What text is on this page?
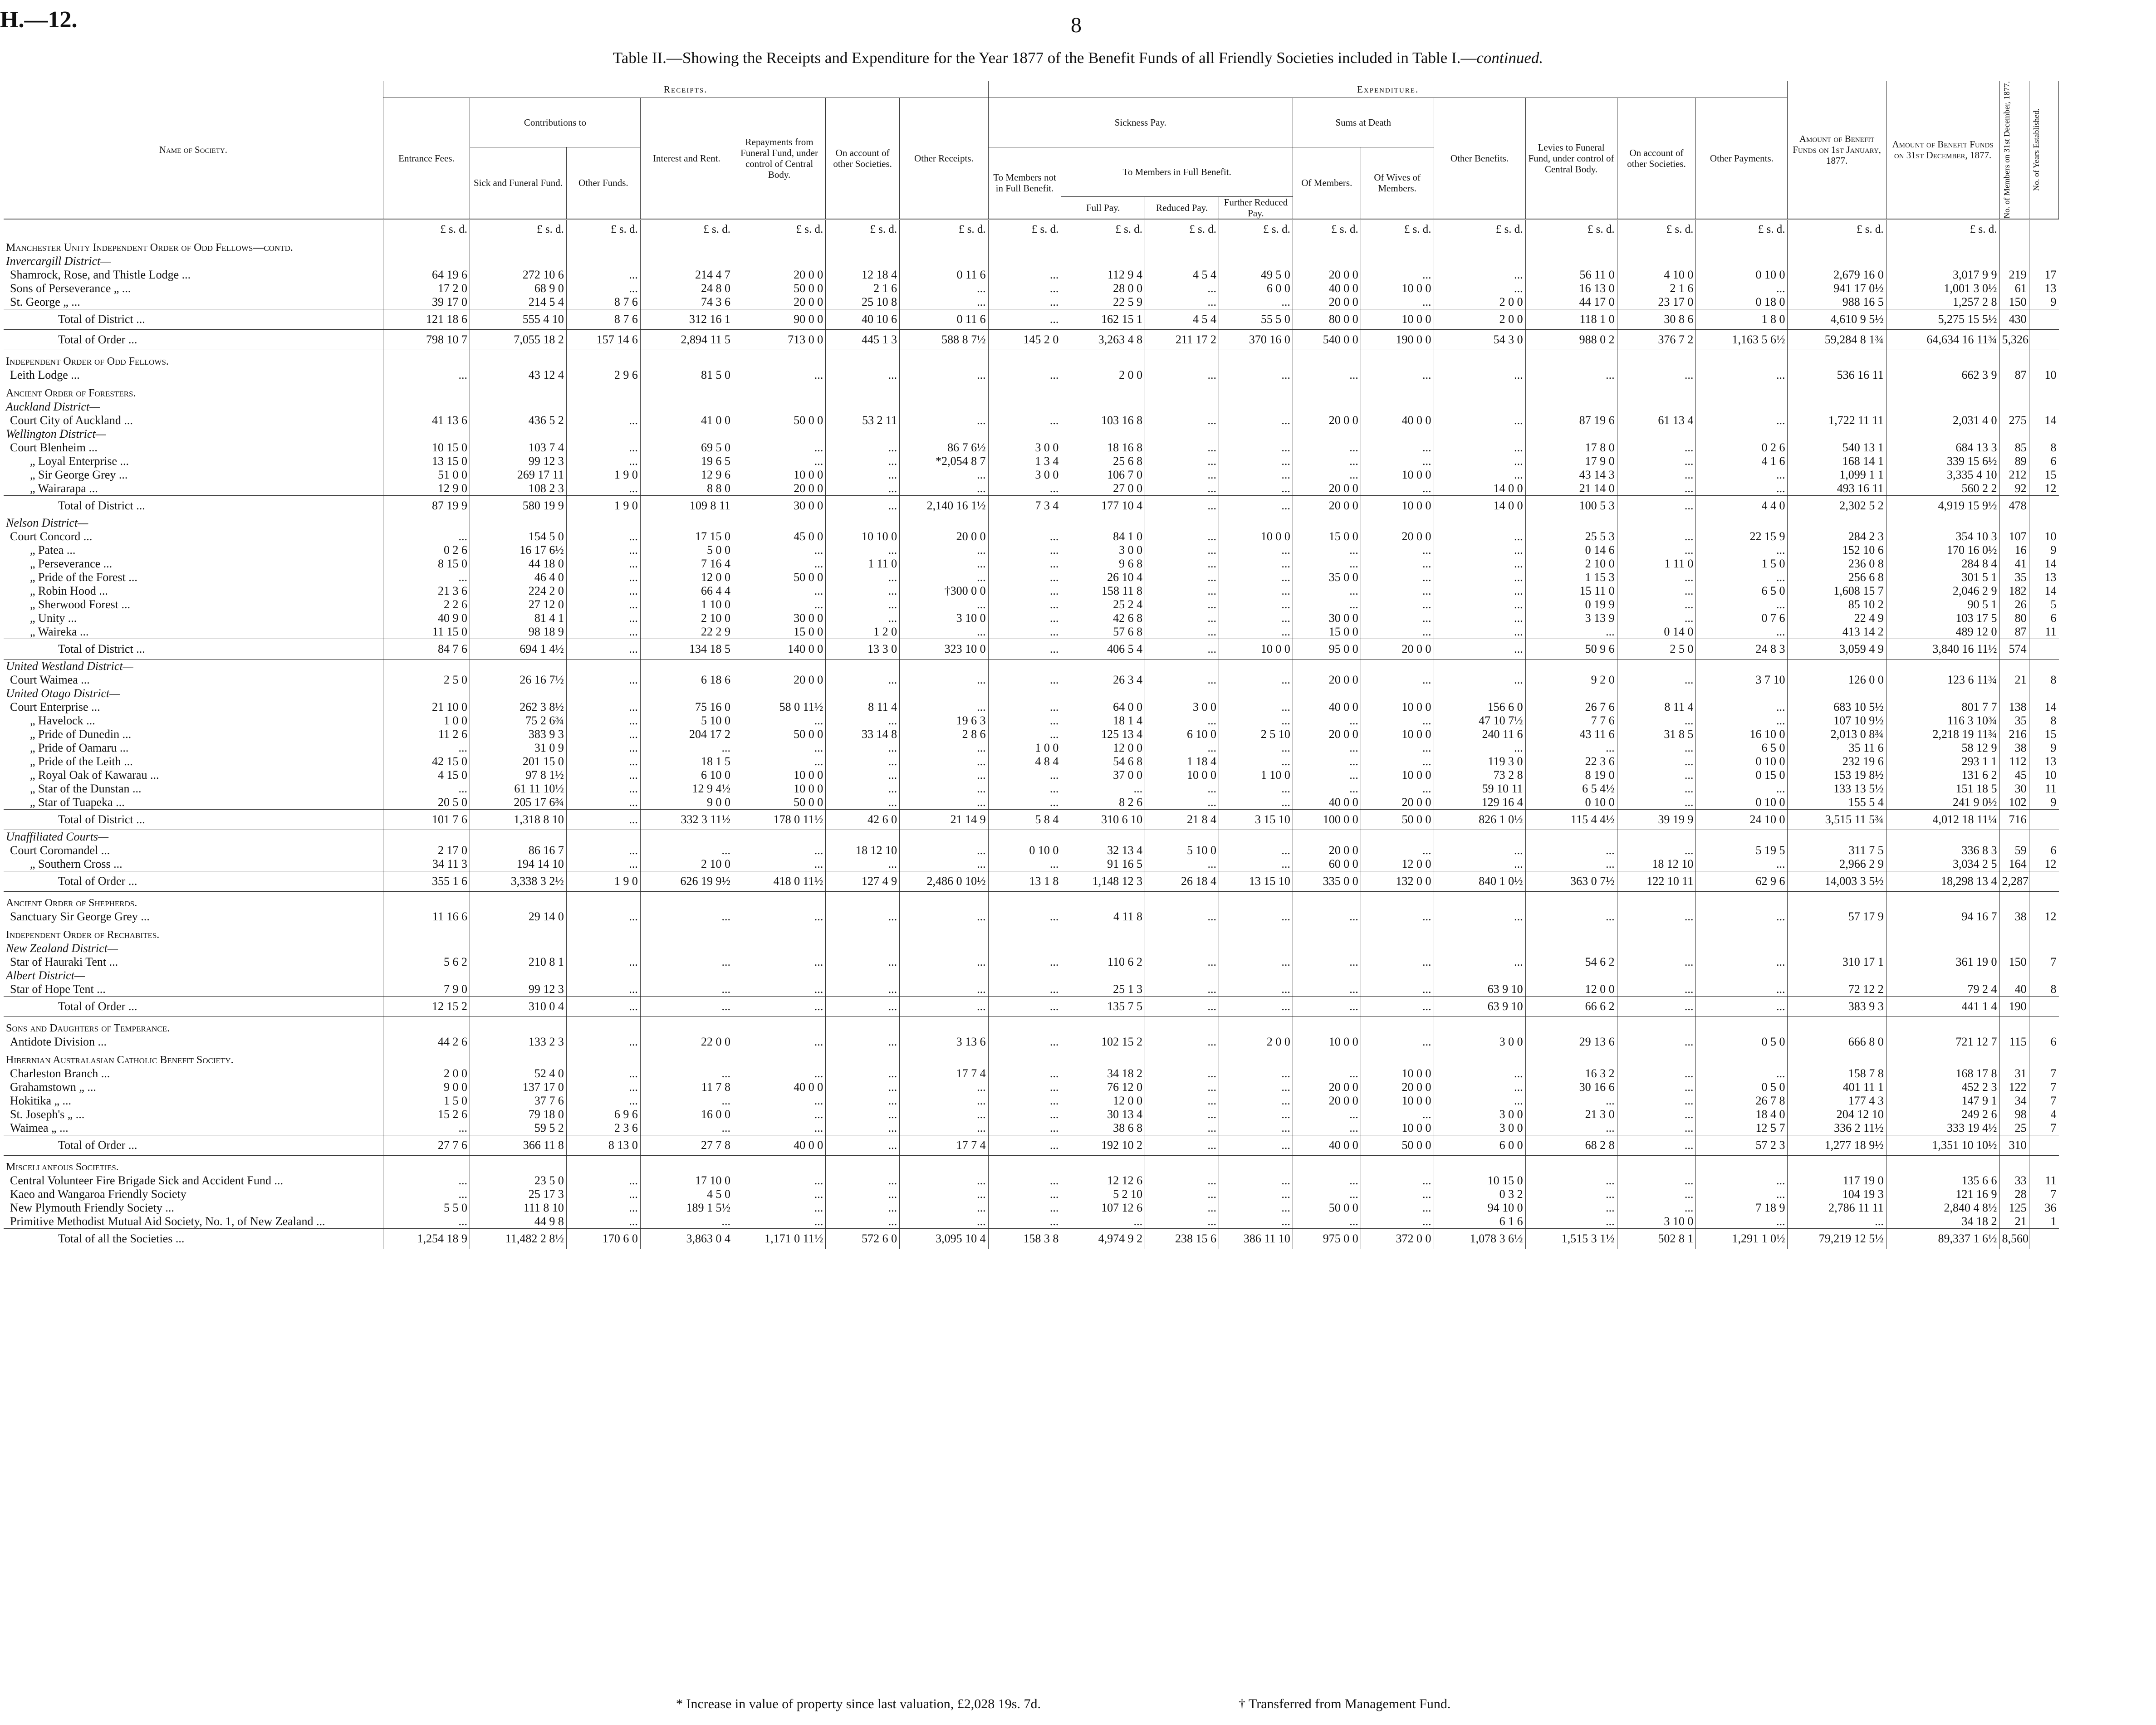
H.—12.	8
Table II.—Showing the Receipts and Expenditure for the Year 1877 of the Benefit Funds of all Friendly Societies included in Table I.—continued.
Name of Society.	Receipts.							Expenditure.										Amount of Benefit Funds on 1st January, 1877.	Amount of Benefit Funds on 31st December, 1877.	No. of Members on 31st December, 1877.	No. of Years Established.

	Entrance Fees.	Contributions to		Interest and Rent.	Repayments from Funeral Fund, under control of Central Body.	On account of other Societies.	Other Receipts.	Sickness Pay.				Sums at Death		Other Benefits.	Levies to Funeral Fund, under control of Central Body.	On account of other Societies.	Other Payments.				
		Sick and Funeral Fund.	Other Funds.					To Members not in Full Benefit.	To Members in Full Benefit.			Of Members.	Of Wives of Members.								
									Full Pay.	Reduced Pay.	Further Reduced Pay.										
	£ s. d.	£ s. d.	£ s. d.	£ s. d.	£ s. d.	£ s. d.	£ s. d.	£ s. d.	£ s. d.	£ s. d.	£ s. d.	£ s. d.	£ s. d.	£ s. d.	£ s. d.	£ s. d.	£ s. d.	£ s. d.	£ s. d.		
Manchester Unity Independent Order of Odd Fellows—contd.																					
Invercargill District—																					
Shamrock, Rose, and Thistle Lodge ...	64 19 6	272 10 6	...	214 4 7	20 0 0	12 18 4	0 11 6	...	112 9 4	4 5 4	49 5 0	20 0 0	...	...	56 11 0	4 10 0	0 10 0	2,679 16 0	3,017 9 9	219	17
Sons of Perseverance „ ...	17 2 0	68 9 0	...	24 8 0	50 0 0	2 1 6	...	...	28 0 0	...	6 0 0	40 0 0	10 0 0	...	16 13 0	2 1 6	...	941 17 0½	1,001 3 0½	61	13
St. George „ ...	39 17 0	214 5 4	8 7 6	74 3 6	20 0 0	25 10 8	...	...	22 5 9	...	...	20 0 0	...	2 0 0	44 17 0	23 17 0	0 18 0	988 16 5	1,257 2 8	150	9
Total of District ...	121 18 6	555 4 10	8 7 6	312 16 1	90 0 0	40 10 6	0 11 6	...	162 15 1	4 5 4	55 5 0	80 0 0	10 0 0	2 0 0	118 1 0	30 8 6	1 8 0	4,610 9 5½	5,275 15 5½	430	
Total of Order ...	798 10 7	7,055 18 2	157 14 6	2,894 11 5	713 0 0	445 1 3	588 8 7½	145 2 0	3,263 4 8	211 17 2	370 16 0	540 0 0	190 0 0	54 3 0	988 0 2	376 7 2	1,163 5 6½	59,284 8 1¾	64,634 16 11¾	5,326	
Independent Order of Odd Fellows.																					
Leith Lodge ...	...	43 12 4	2 9 6	81 5 0	...	...	...	...	2 0 0	...	...	...	...	...	...	...	...	536 16 11	662 3 9	87	10
Ancient Order of Foresters.																					
Auckland District—																					
Court City of Auckland ...	41 13 6	436 5 2	...	41 0 0	50 0 0	53 2 11	...	...	103 16 8	...	...	20 0 0	40 0 0	...	87 19 6	61 13 4	...	1,722 11 11	2,031 4 0	275	14
Wellington District—																					
Court Blenheim ...	10 15 0	103 7 4	...	69 5 0	...	...	86 7 6½	3 0 0	18 16 8	...	...	...	...	...	17 8 0	...	0 2 6	540 13 1	684 13 3	85	8
„ Loyal Enterprise ...	13 15 0	99 12 3	...	19 6 5	...	...	*2,054 8 7	1 3 4	25 6 8	...	...	...	...	...	17 9 0	...	4 1 6	168 14 1	339 15 6½	89	6
„ Sir George Grey ...	51 0 0	269 17 11	1 9 0	12 9 6	10 0 0	...	...	3 0 0	106 7 0	...	...	...	10 0 0	...	43 14 3	...	...	1,099 1 1	3,335 4 10	212	15
„ Wairarapa ...	12 9 0	108 2 3	...	8 8 0	20 0 0	...	...	...	27 0 0	...	...	20 0 0	...	14 0 0	21 14 0	...	...	493 16 11	560 2 2	92	12
Total of District ...	87 19 9	580 19 9	1 9 0	109 8 11	30 0 0	...	2,140 16 1½	7 3 4	177 10 4	...	...	20 0 0	10 0 0	14 0 0	100 5 3	...	4 4 0	2,302 5 2	4,919 15 9½	478	
Nelson District—																					
Court Concord ...	...	154 5 0	...	17 15 0	45 0 0	10 10 0	20 0 0	...	84 1 0	...	10 0 0	15 0 0	20 0 0	...	25 5 3	...	22 15 9	284 2 3	354 10 3	107	10
„ Patea ...	0 2 6	16 17 6½	...	5 0 0	...	...	...	...	3 0 0	...	...	...	...	...	0 14 6	...	...	152 10 6	170 16 0½	16	9
„ Perseverance ...	8 15 0	44 18 0	...	7 16 4	...	1 11 0	...	...	9 6 8	...	...	...	...	...	2 10 0	1 11 0	1 5 0	236 0 8	284 8 4	41	14
„ Pride of the Forest ...	...	46 4 0	...	12 0 0	50 0 0	...	...	...	26 10 4	...	...	35 0 0	...	...	1 15 3	...	...	256 6 8	301 5 1	35	13
„ Robin Hood ...	21 3 6	224 2 0	...	66 4 4	...	...	†300 0 0	...	158 11 8	...	...	...	...	...	15 11 0	...	6 5 0	1,608 15 7	2,046 2 9	182	14
„ Sherwood Forest ...	2 2 6	27 12 0	...	1 10 0	...	...	...	...	25 2 4	...	...	...	...	...	0 19 9	...	...	85 10 2	90 5 1	26	5
„ Unity ...	40 9 0	81 4 1	...	2 10 0	30 0 0	...	3 10 0	...	42 6 8	...	...	30 0 0	...	...	3 13 9	...	0 7 6	22 4 9	103 17 5	80	6
„ Waireka ...	11 15 0	98 18 9	...	22 2 9	15 0 0	1 2 0	...	...	57 6 8	...	...	15 0 0	...	...	...	0 14 0	...	413 14 2	489 12 0	87	11
Total of District ...	84 7 6	694 1 4½	...	134 18 5	140 0 0	13 3 0	323 10 0	...	406 5 4	...	10 0 0	95 0 0	20 0 0	...	50 9 6	2 5 0	24 8 3	3,059 4 9	3,840 16 11½	574	
United Westland District—																					
Court Waimea ...	2 5 0	26 16 7½	...	6 18 6	20 0 0	...	...	...	26 3 4	...	...	20 0 0	...	...	9 2 0	...	3 7 10	126 0 0	123 6 11¾	21	8
United Otago District—																					
Court Enterprise ...	21 10 0	262 3 8½	...	75 16 0	58 0 11½	8 11 4	...	...	64 0 0	3 0 0	...	40 0 0	10 0 0	156 6 0	26 7 6	8 11 4	...	683 10 5½	801 7 7	138	14
„ Havelock ...	1 0 0	75 2 6¾	...	5 10 0	...	...	19 6 3	...	18 1 4	...	...	...	...	47 10 7½	7 7 6	...	...	107 10 9½	116 3 10¾	35	8
„ Pride of Dunedin ...	11 2 6	383 9 3	...	204 17 2	50 0 0	33 14 8	2 8 6	...	125 13 4	6 10 0	2 5 10	20 0 0	10 0 0	240 11 6	43 11 6	31 8 5	16 10 0	2,013 0 8¾	2,218 19 11¾	216	15
„ Pride of Oamaru ...	...	31 0 9	...	...	...	...	...	1 0 0	12 0 0	...	...	...	...	...	...	...	6 5 0	35 11 6	58 12 9	38	9
„ Pride of the Leith ...	42 15 0	201 15 0	...	18 1 5	...	...	...	4 8 4	54 6 8	1 18 4	...	...	...	119 3 0	22 3 6	...	0 10 0	232 19 6	293 1 1	112	13
„ Royal Oak of Kawarau ...	4 15 0	97 8 1½	...	6 10 0	10 0 0	...	...	...	37 0 0	10 0 0	1 10 0	...	10 0 0	73 2 8	8 19 0	...	0 15 0	153 19 8½	131 6 2	45	10
„ Star of the Dunstan ...	...	61 11 10½	...	12 9 4½	10 0 0	...	...	...	...	...	...	...	...	59 10 11	6 5 4½	...	...	133 13 5½	151 18 5	30	11
„ Star of Tuapeka ...	20 5 0	205 17 6¾	...	9 0 0	50 0 0	...	...	...	8 2 6	...	...	40 0 0	20 0 0	129 16 4	0 10 0	...	0 10 0	155 5 4	241 9 0½	102	9
Total of District ...	101 7 6	1,318 8 10	...	332 3 11½	178 0 11½	42 6 0	21 14 9	5 8 4	310 6 10	21 8 4	3 15 10	100 0 0	50 0 0	826 1 0½	115 4 4½	39 19 9	24 10 0	3,515 11 5¾	4,012 18 11¼	716	
Unaffiliated Courts—																					
Court Coromandel ...	2 17 0	86 16 7	...	...	...	18 12 10	...	0 10 0	32 13 4	5 10 0	...	20 0 0	...	...	...	...	5 19 5	311 7 5	336 8 3	59	6
„ Southern Cross ...	34 11 3	194 14 10	...	2 10 0	...	...	...	...	91 16 5	...	...	60 0 0	12 0 0	...	...	18 12 10	...	2,966 2 9	3,034 2 5	164	12
Total of Order ...	355 1 6	3,338 3 2½	1 9 0	626 19 9½	418 0 11½	127 4 9	2,486 0 10½	13 1 8	1,148 12 3	26 18 4	13 15 10	335 0 0	132 0 0	840 1 0½	363 0 7½	122 10 11	62 9 6	14,003 3 5½	18,298 13 4	2,287	
Ancient Order of Shepherds.																					
Sanctuary Sir George Grey ...	11 16 6	29 14 0	...	...	...	...	...	...	4 11 8	...	...	...	...	...	...	...	...	57 17 9	94 16 7	38	12
Independent Order of Rechabites.																					
New Zealand District—																					
Star of Hauraki Tent ...	5 6 2	210 8 1	...	...	...	...	...	...	110 6 2	...	...	...	...	...	54 6 2	...	...	310 17 1	361 19 0	150	7
Albert District—																					
Star of Hope Tent ...	7 9 0	99 12 3	...	...	...	...	...	...	25 1 3	...	...	...	...	63 9 10	12 0 0	...	...	72 12 2	79 2 4	40	8
Total of Order ...	12 15 2	310 0 4	...	...	...	...	...	...	135 7 5	...	...	...	...	63 9 10	66 6 2	...	...	383 9 3	441 1 4	190	
Sons and Daughters of Temperance.																					
Antidote Division ...	44 2 6	133 2 3	...	22 0 0	...	...	3 13 6	...	102 15 2	...	2 0 0	10 0 0	...	3 0 0	29 13 6	...	0 5 0	666 8 0	721 12 7	115	6
Hibernian Australasian Catholic Benefit Society.																					
Charleston Branch ...	2 0 0	52 4 0	...	...	...	...	17 7 4	...	34 18 2	...	...	...	10 0 0	...	16 3 2	...	...	158 7 8	168 17 8	31	7
Grahamstown „ ...	9 0 0	137 17 0	...	11 7 8	40 0 0	...	...	...	76 12 0	...	...	20 0 0	20 0 0	...	30 16 6	...	0 5 0	401 11 1	452 2 3	122	7
Hokitika „ ...	1 5 0	37 7 6	...	...	...	...	...	...	12 0 0	...	...	20 0 0	10 0 0	...	...	...	26 7 8	177 4 3	147 9 1	34	7
St. Joseph's „ ...	15 2 6	79 18 0	6 9 6	16 0 0	...	...	...	...	30 13 4	...	...	...	...	3 0 0	21 3 0	...	18 4 0	204 12 10	249 2 6	98	4
Waimea „ ...	...	59 5 2	2 3 6	...	...	...	...	...	38 6 8	...	...	...	10 0 0	3 0 0	...	...	12 5 7	336 2 11½	333 19 4½	25	7
Total of Order ...	27 7 6	366 11 8	8 13 0	27 7 8	40 0 0	...	17 7 4	...	192 10 2	...	...	40 0 0	50 0 0	6 0 0	68 2 8	...	57 2 3	1,277 18 9½	1,351 10 10½	310	
Miscellaneous Societies.																					
Central Volunteer Fire Brigade Sick and Accident Fund ...	...	23 5 0	...	17 10 0	...	...	...	...	12 12 6	...	...	...	...	10 15 0	...	...	...	117 19 0	135 6 6	33	11
Kaeo and Wangaroa Friendly Society	...	25 17 3	...	4 5 0	...	...	...	...	5 2 10	...	...	...	...	0 3 2	...	...	...	104 19 3	121 16 9	28	7
New Plymouth Friendly Society ...	5 5 0	111 8 10	...	189 1 5½	...	...	...	...	107 12 6	...	...	50 0 0	...	94 10 0	...	...	7 18 9	2,786 11 11	2,840 4 8½	125	36
Primitive Methodist Mutual Aid Society, No. 1, of New Zealand ...	...	44 9 8	...	...	...	...	...	...	...	...	...	...	...	6 1 6	...	3 10 0	...	...	34 18 2	21	1
Total of all the Societies ...	1,254 18 9	11,482 2 8½	170 6 0	3,863 0 4	1,171 0 11½	572 6 0	3,095 10 4	158 3 8	4,974 9 2	238 15 6	386 11 10	975 0 0	372 0 0	1,078 3 6½	1,515 3 1½	502 8 1	1,291 1 0½	79,219 12 5½	89,337 1 6½	8,560	
* Increase in value of property since last valuation, £2,028 19s. 7d.	† Transferred from Management Fund.
